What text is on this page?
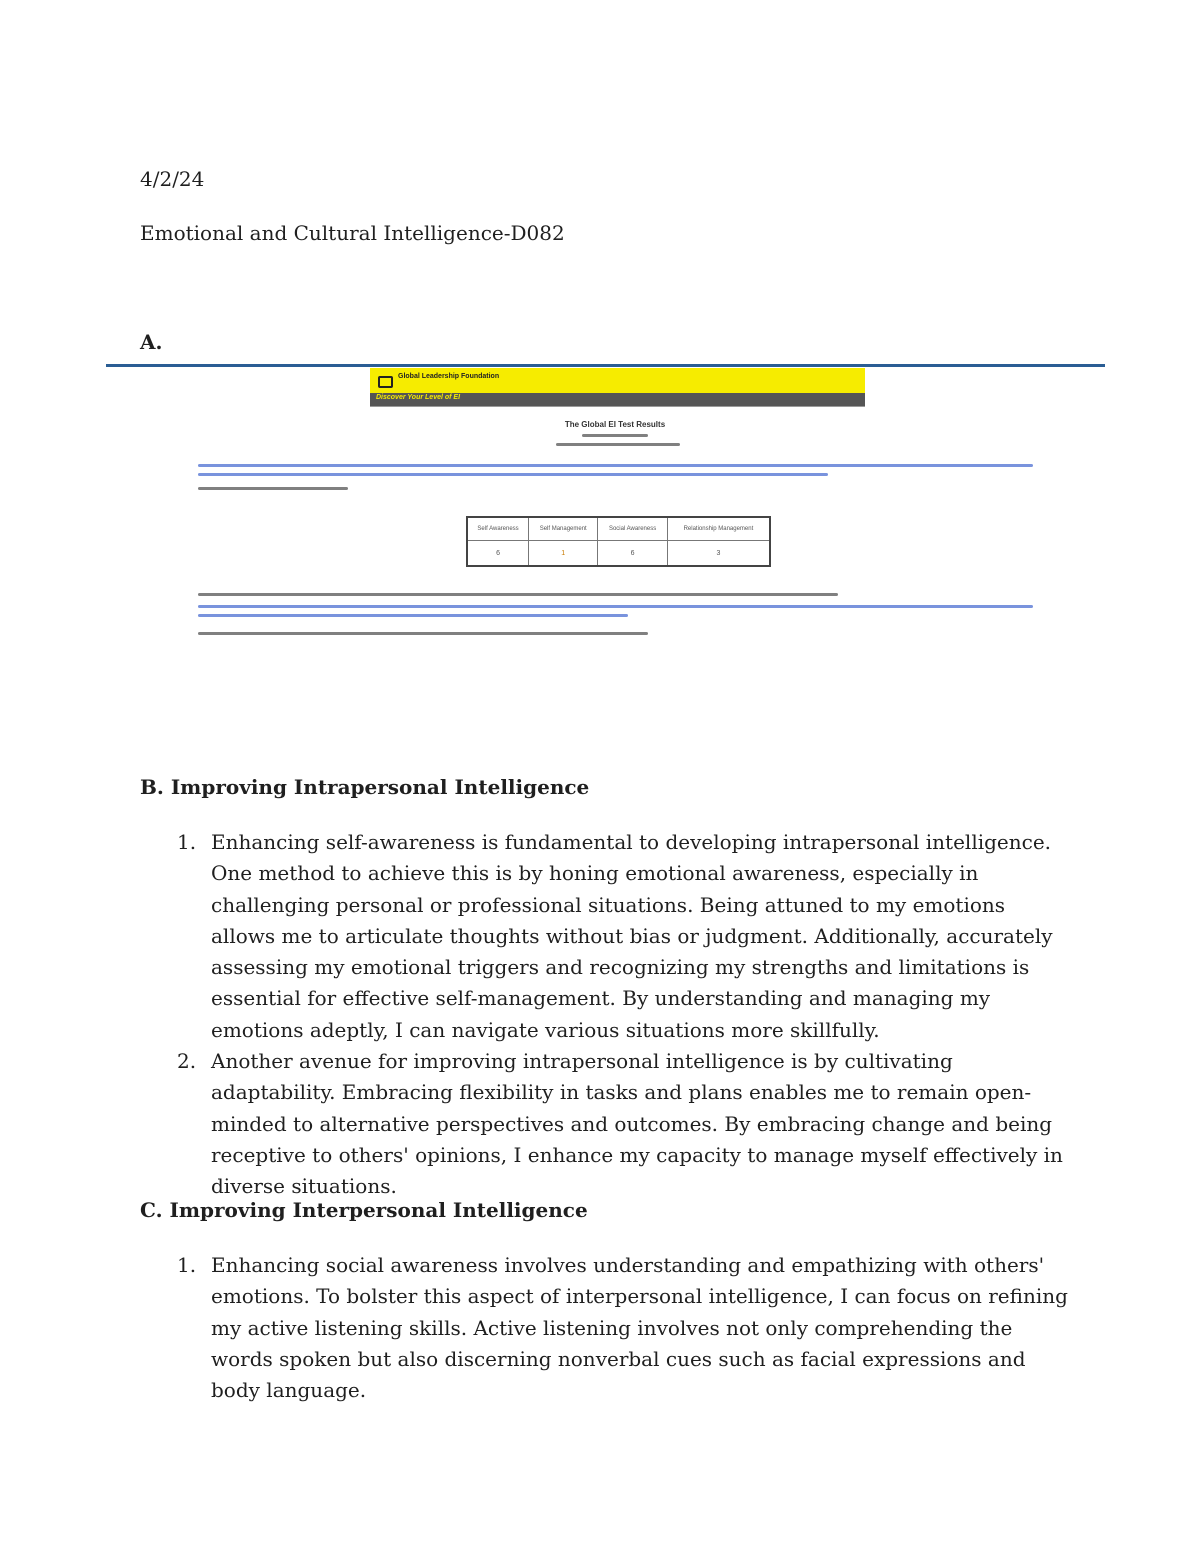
4/2/24
Emotional and Cultural Intelligence-D082
A.
Global Leadership Foundation
Discover Your Level of EI
The Global EI Test Results
Self Awareness	Self Management	Social Awareness	Relationship Management
6	1	6	3
B. Improving Intrapersonal Intelligence
1. Enhancing self-awareness is fundamental to developing intrapersonal intelligence. One method to achieve this is by honing emotional awareness, especially in challenging personal or professional situations. Being attuned to my emotions allows me to articulate thoughts without bias or judgment. Additionally, accurately assessing my emotional triggers and recognizing my strengths and limitations is essential for effective self-management. By understanding and managing my emotions adeptly, I can navigate various situations more skillfully.
2. Another avenue for improving intrapersonal intelligence is by cultivating adaptability. Embracing flexibility in tasks and plans enables me to remain open-minded to alternative perspectives and outcomes. By embracing change and being receptive to others' opinions, I enhance my capacity to manage myself effectively in diverse situations.
C. Improving Interpersonal Intelligence
1. Enhancing social awareness involves understanding and empathizing with others' emotions. To bolster this aspect of interpersonal intelligence, I can focus on refining my active listening skills. Active listening involves not only comprehending the words spoken but also discerning nonverbal cues such as facial expressions and body language.
